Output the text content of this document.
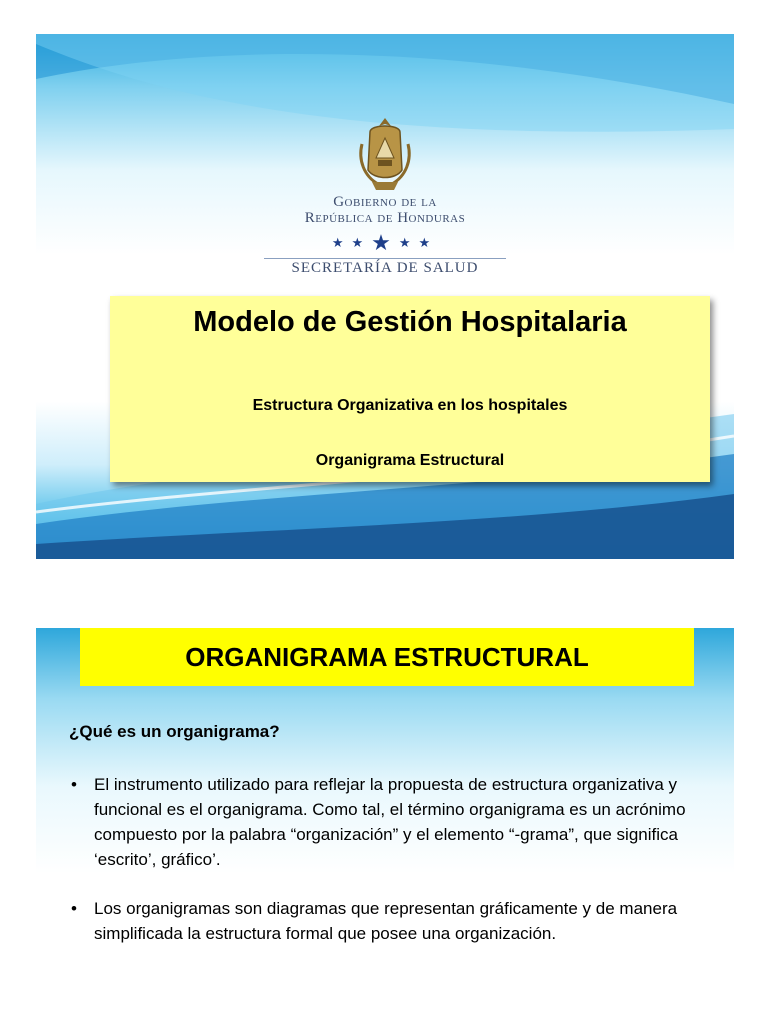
Gobierno de la
República de Honduras
★★★★★
SECRETARÍA DE SALUD
Modelo de Gestión Hospitalaria
Estructura Organizativa en los hospitales
Organigrama Estructural
ORGANIGRAMA ESTRUCTURAL
¿Qué es un organigrama?
• El instrumento utilizado para reflejar la propuesta de estructura organizativa y funcional es el organigrama. Como tal, el término organigrama es un acrónimo compuesto por la palabra “organización” y el elemento “-grama”, que significa ‘escrito’, gráfico’.
• Los organigramas son diagramas que representan gráficamente y de manera simplificada la estructura formal que posee una organización.
